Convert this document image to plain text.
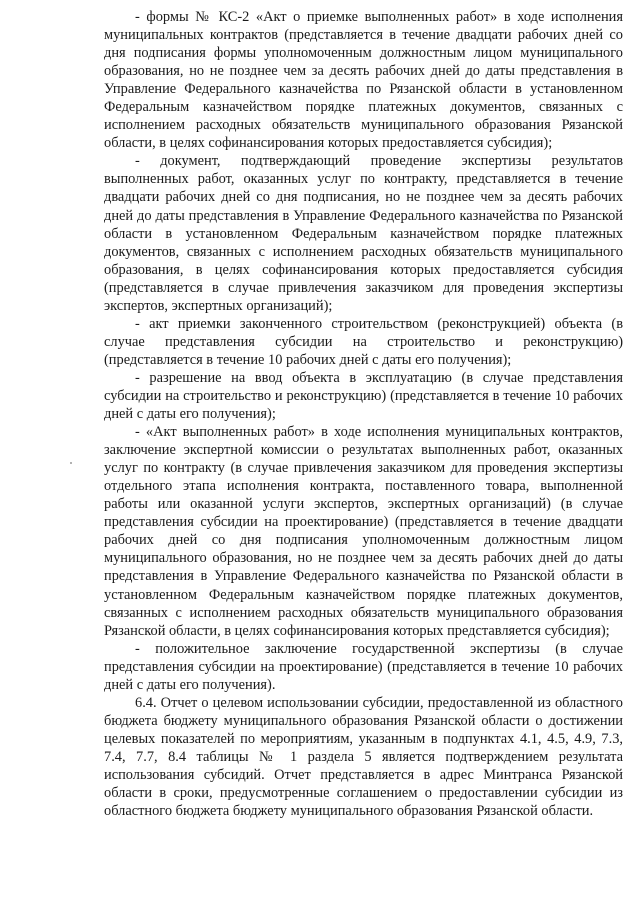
- формы № КС-2 «Акт о приемке выполненных работ» в ходе исполнения муниципальных контрактов (представляется в течение двадцати рабочих дней со дня подписания формы уполномоченным должностным лицом муниципального образования, но не позднее чем за десять рабочих дней до даты представления в Управление Федерального казначейства по Рязанской области в установленном Федеральным казначейством порядке платежных документов, связанных с исполнением расходных обязательств муниципального образования Рязанской области, в целях софинансирования которых предоставляется субсидия);

- документ, подтверждающий проведение экспертизы результатов выполненных работ, оказанных услуг по контракту, представляется в течение двадцати рабочих дней со дня подписания, но не позднее чем за десять рабочих дней до даты представления в Управление Федерального казначейства по Рязанской области в установленном Федеральным казначейством порядке платежных документов, связанных с исполнением расходных обязательств муниципального образования, в целях софинансирования которых предоставляется субсидия (представляется в случае привлечения заказчиком для проведения экспертизы экспертов, экспертных организаций);

- акт приемки законченного строительством (реконструкцией) объекта (в случае представления субсидии на строительство и реконструкцию) (представляется в течение 10 рабочих дней с даты его получения);

- разрешение на ввод объекта в эксплуатацию (в случае представления субсидии на строительство и реконструкцию) (представляется в течение 10 рабочих дней с даты его получения);

- «Акт выполненных работ» в ходе исполнения муниципальных контрактов, заключение экспертной комиссии о результатах выполненных работ, оказанных услуг по контракту (в случае привлечения заказчиком для проведения экспертизы отдельного этапа исполнения контракта, поставленного товара, выполненной работы или оказанной услуги экспертов, экспертных организаций) (в случае представления субсидии на проектирование) (представляется в течение двадцати рабочих дней со дня подписания уполномоченным должностным лицом муниципального образования, но не позднее чем за десять рабочих дней до даты представления в Управление Федерального казначейства по Рязанской области в установленном Федеральным казначейством порядке платежных документов, связанных с исполнением расходных обязательств муниципального образования Рязанской области, в целях софинансирования которых представляется субсидия);

- положительное заключение государственной экспертизы (в случае представления субсидии на проектирование) (представляется в течение 10 рабочих дней с даты его получения).

6.4. Отчет о целевом использовании субсидии, предоставленной из областного бюджета бюджету муниципального образования Рязанской области о достижении целевых показателей по мероприятиям, указанным в подпунктах 4.1, 4.5, 4.9, 7.3, 7.4, 7.7, 8.4 таблицы № 1 раздела 5 является подтверждением результата использования субсидий. Отчет представляется в адрес Минтранса Рязанской области в сроки, предусмотренные соглашением о предоставлении субсидии из областного бюджета бюджету муниципального образования Рязанской области.
